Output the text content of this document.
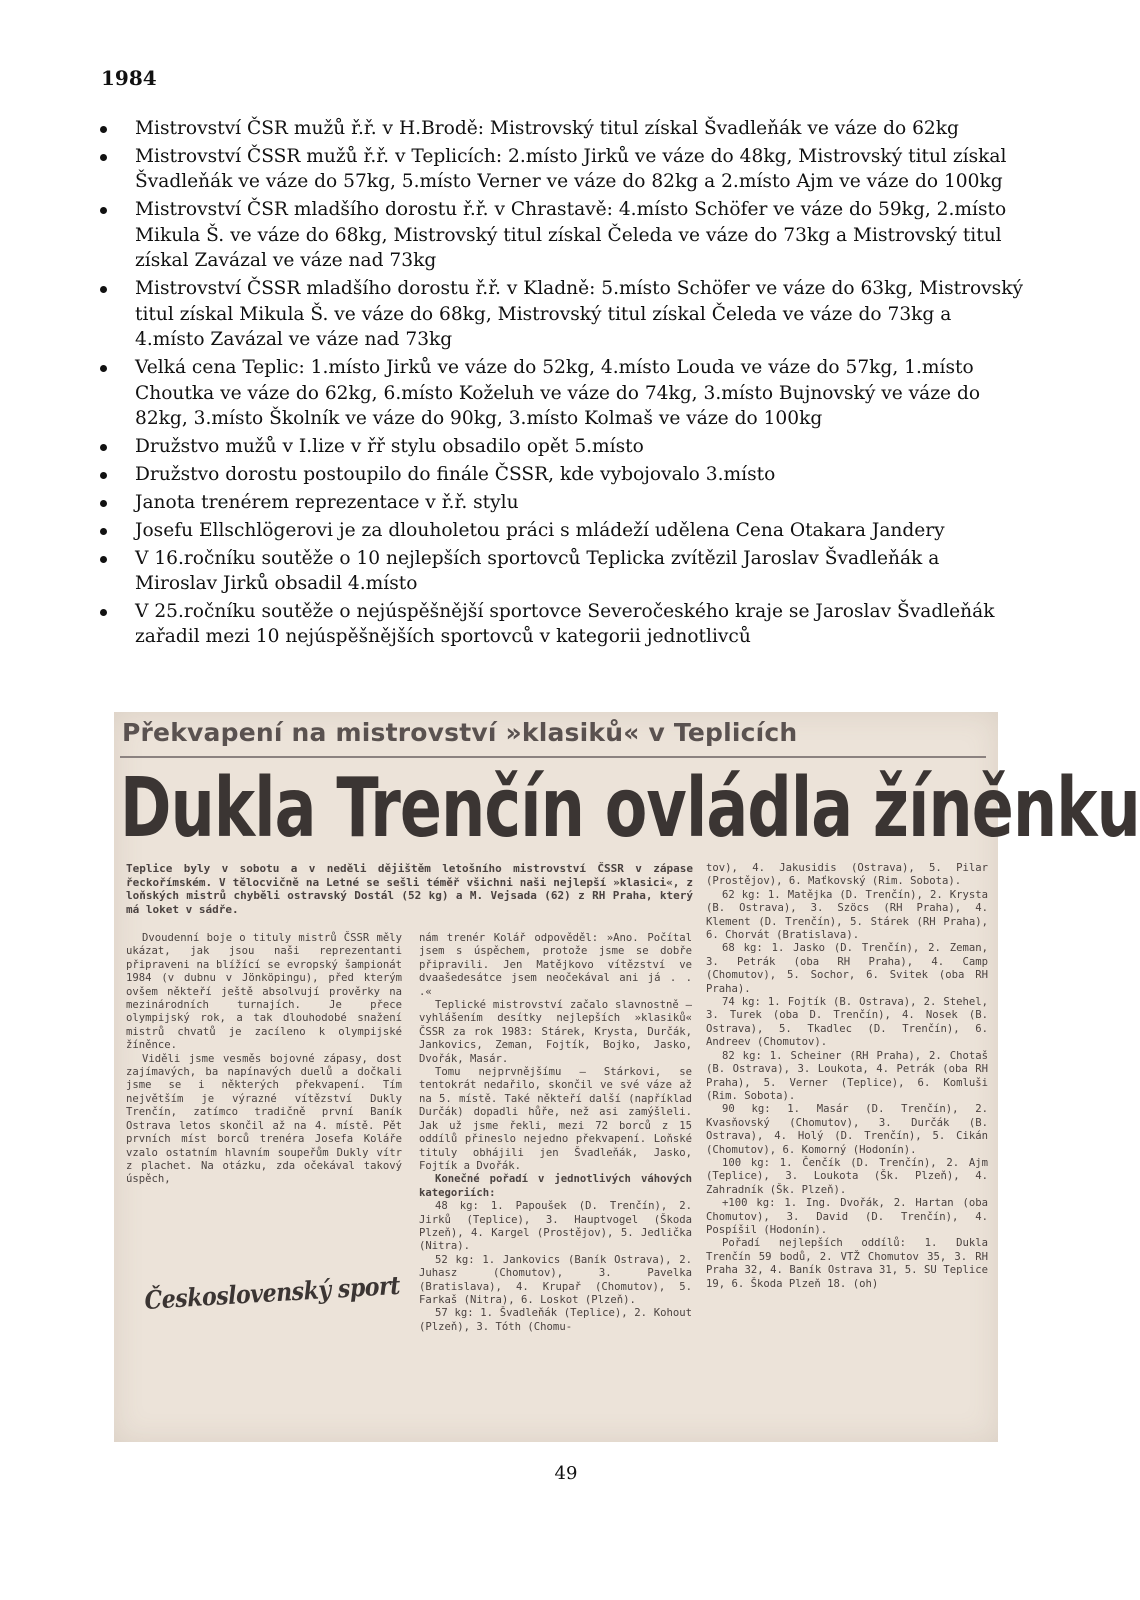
1984
Mistrovství ČSR mužů ř.ř. v H.Brodě: Mistrovský titul získal Švadleňák ve váze do 62kg
Mistrovství ČSSR mužů ř.ř. v Teplicích: 2.místo Jirků ve váze do 48kg, Mistrovský titul získal Švadleňák ve váze do 57kg, 5.místo Verner ve váze do 82kg a 2.místo Ajm ve váze do 100kg
Mistrovství ČSR mladšího dorostu ř.ř. v Chrastavě: 4.místo Schöfer ve váze do 59kg, 2.místo Mikula Š. ve váze do 68kg, Mistrovský titul získal Čeleda ve váze do 73kg a Mistrovský titul získal Zavázal ve váze nad 73kg
Mistrovství ČSSR mladšího dorostu ř.ř. v Kladně: 5.místo Schöfer ve váze do 63kg, Mistrovský titul získal Mikula Š. ve váze do 68kg, Mistrovský titul získal Čeleda ve váze do 73kg a 4.místo Zavázal ve váze nad 73kg
Velká cena Teplic: 1.místo Jirků ve váze do 52kg, 4.místo Louda ve váze do 57kg, 1.místo Choutka ve váze do 62kg, 6.místo Koželuh ve váze do 74kg, 3.místo Bujnovský ve váze do 82kg, 3.místo Školník ve váze do 90kg, 3.místo Kolmaš ve váze do 100kg
Družstvo mužů v I.lize v řř stylu obsadilo opět 5.místo
Družstvo dorostu postoupilo do finále ČSSR, kde vybojovalo 3.místo
Janota trenérem reprezentace v ř.ř. stylu
Josefu Ellschlögerovi je za dlouholetou práci s mládeží udělena Cena Otakara Jandery
V 16.ročníku soutěže o 10 nejlepších sportovců Teplicka zvítězil Jaroslav Švadleňák a Miroslav Jirků obsadil 4.místo
V 25.ročníku soutěže o nejúspěšnější sportovce Severočeského kraje se Jaroslav Švadleňák zařadil mezi 10 nejúspěšnějších sportovců v kategorii jednotlivců
Překvapení na mistrovství »klasiků« v Teplicích
Dukla Trenčín ovládla žíněnku

Teplice byly v sobotu a v neděli dějištěm letošního mistrovství ČSSR v zápase řeckořímském. V tělocvičně na Letné se sešli téměř všichni naši nejlepší »klasici«, z loňských mistrů chyběli ostravský Dostál (52 kg) a M. Vejsada (62) z RH Praha, který má loket v sádře.

Dvoudenní boje o tituly mistrů ČSSR měly ukázat, jak jsou naši reprezentanti připraveni na blížící se evropský šampionát 1984 (v dubnu v Jönköpingu), před kterým ovšem někteří ještě absolvují prověrky na mezinárodních turnajích. Je přece olympijský rok, a tak dlouhodobé snažení mistrů chvatů je zacíleno k olympijské žíněnce.

Viděli jsme vesměs bojovné zápasy, dost zajímavých, ba napínavých duelů a dočkali jsme se i některých překvapení. Tím největším je výrazné vítězství Dukly Trenčín, zatímco tradičně první Baník Ostrava letos skončil až na 4. místě. Pět prvních míst borců trenéra Josefa Koláře vzalo ostatním hlavním soupeřům Dukly vítr z plachet. Na otázku, zda očekával takový úspěch,

nám trenér Kolář odpověděl: »Ano. Počítal jsem s úspěchem, protože jsme se dobře připravili. Jen Matějkovo vítězství ve dvaašedesátce jsem neočekával ani já . . .«

Teplické mistrovství začalo slavnostně — vyhlášením desítky nejlepších »klasiků« ČSSR za rok 1983: Stárek, Krysta, Durčák, Jankovics, Zeman, Fojtík, Bojko, Jasko, Dvořák, Masár.

Tomu nejprvnějšímu — Stárkovi, se tentokrát nedařilo, skončil ve své váze až na 5. místě. Také někteří další (například Durčák) dopadli hůře, než asi zamýšleli. Jak už jsme řekli, mezi 72 borců z 15 oddílů přineslo nejedno překvapení. Loňské tituly obhájili jen Švadleňák, Jasko, Fojtík a Dvořák.

Konečné pořadí v jednotlivých váhových kategoriích:

48 kg: 1. Papoušek (D. Trenčín), 2. Jirků (Teplice), 3. Hauptvogel (Škoda Plzeň), 4. Kargel (Prostějov), 5. Jedlička (Nitra).

52 kg: 1. Jankovics (Baník Ostrava), 2. Juhasz (Chomutov), 3. Pavelka (Bratislava), 4. Krupař (Chomutov), 5. Farkaš (Nitra), 6. Loskot (Plzeň).

57 kg: 1. Švadleňák (Teplice), 2. Kohout (Plzeň), 3. Tóth (Chomu-

tov), 4. Jakusidis (Ostrava), 5. Pilar (Prostějov), 6. Maťkovský (Rim. Sobota).

62 kg: 1. Matějka (D. Trenčín), 2. Krysta (B. Ostrava), 3. Szöcs (RH Praha), 4. Klement (D. Trenčín), 5. Stárek (RH Praha), 6. Chorvát (Bratislava).

68 kg: 1. Jasko (D. Trenčín), 2. Zeman, 3. Petrák (oba RH Praha), 4. Camp (Chomutov), 5. Sochor, 6. Svitek (oba RH Praha).

74 kg: 1. Fojtík (B. Ostrava), 2. Stehel, 3. Turek (oba D. Trenčín), 4. Nosek (B. Ostrava), 5. Tkadlec (D. Trenčín), 6. Andreev (Chomutov).

82 kg: 1. Scheiner (RH Praha), 2. Chotaš (B. Ostrava), 3. Loukota, 4. Petrák (oba RH Praha), 5. Verner (Teplice), 6. Komluši (Rim. Sobota).

90 kg: 1. Masár (D. Trenčín), 2. Kvasňovský (Chomutov), 3. Durčák (B. Ostrava), 4. Holý (D. Trenčín), 5. Cikán (Chomutov), 6. Komorný (Hodonín).

100 kg: 1. Čenčík (D. Trenčín), 2. Ajm (Teplice), 3. Loukota (Šk. Plzeň), 4. Zahradník (Šk. Plzeň).

+100 kg: 1. Ing. Dvořák, 2. Hartan (oba Chomutov), 3. David (D. Trenčín), 4. Pospíšil (Hodonín).

Pořadí nejlepších oddílů: 1. Dukla Trenčín 59 bodů, 2. VTŽ Chomutov 35, 3. RH Praha 32, 4. Baník Ostrava 31, 5. SU Teplice 19, 6. Škoda Plzeň 18. (oh)

Československý sport
49
